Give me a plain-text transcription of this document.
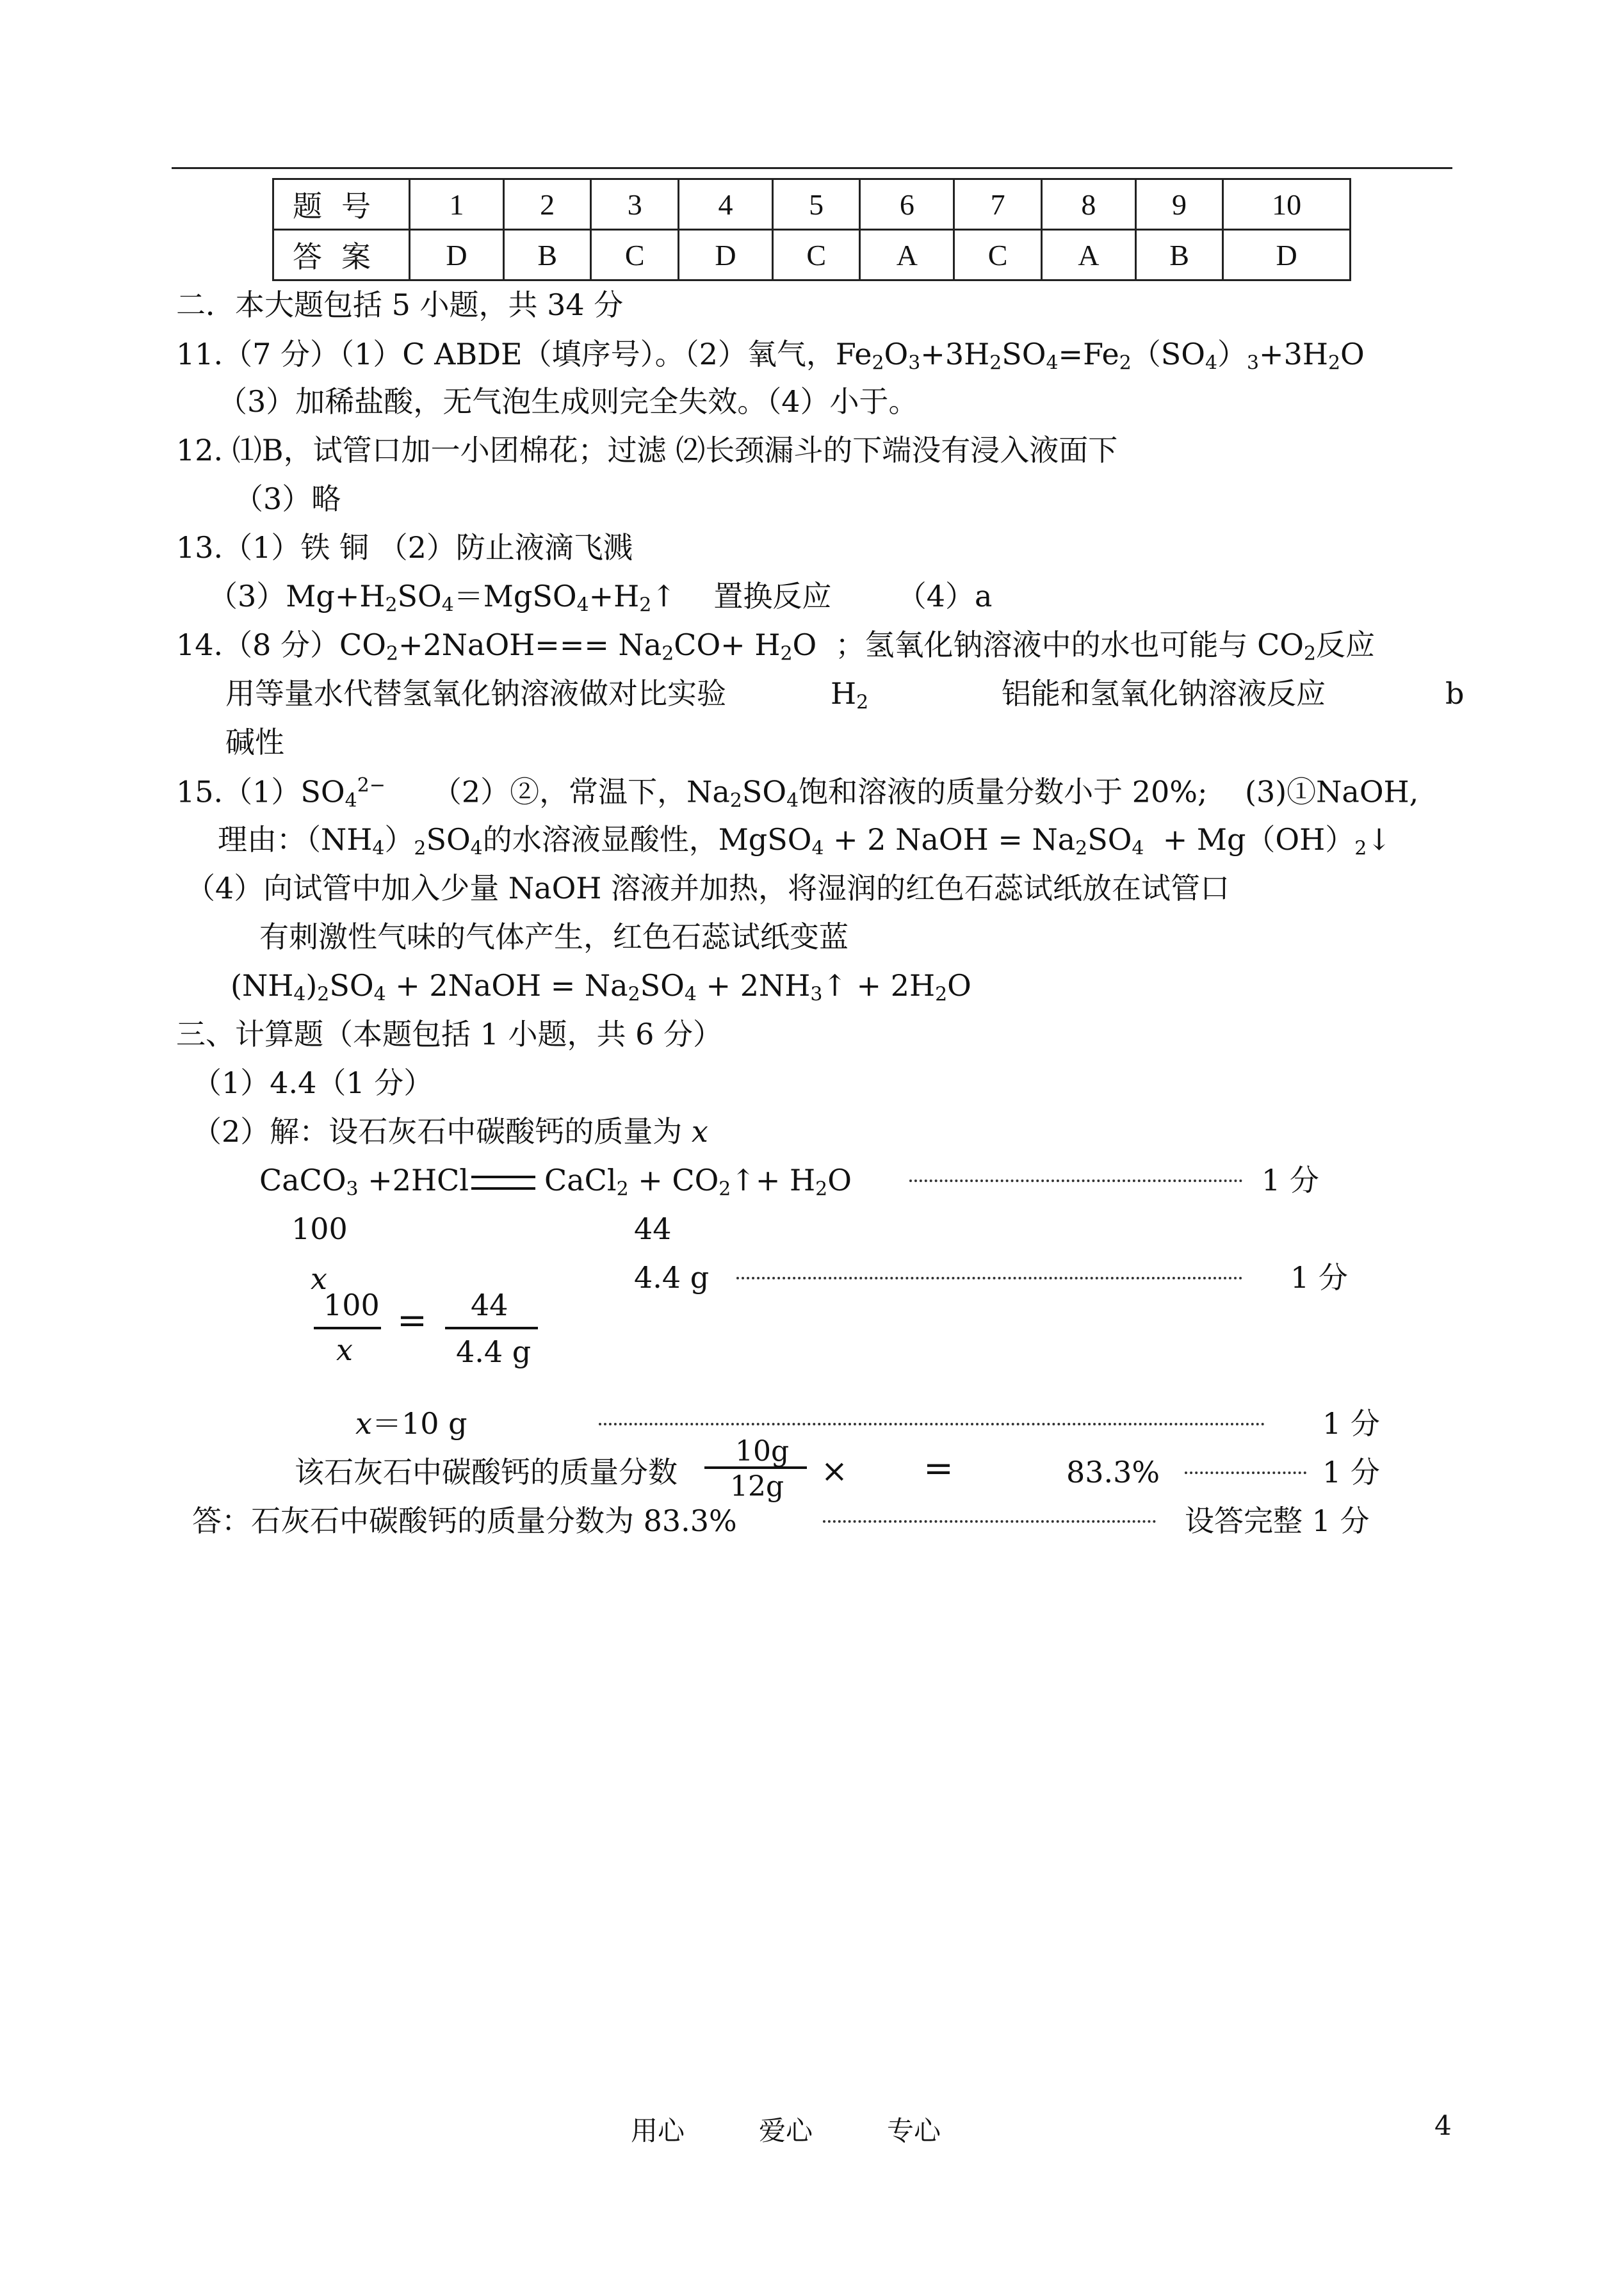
题号	1	2	3	4	5	6	7	8	9	10
答案	D	B	C	D	C	A	C	A	B	D
二．本大题包括 5 小题，共 34 分
11.（7 分）（1）C ABDE（填序号）。（2）氧气，$Fe_2O_3+3H_2SO_4=Fe_2(SO_4)_3+3H_2O$
（3）加稀盐酸，无气泡生成则完全失效。（4）小于。
12. ⑴B，试管口加一小团棉花；过滤 ⑵长颈漏斗的下端没有浸入液面下
（3）略
13.（1）铁 铜 （2）防止液滴飞溅
$(3)Mg+H_2SO_4=MgSO_4+H_2↑$    置换反应 （4）a
14.（8 分）$CO_2+2NaOH=== Na_2CO+ H_2O$  ；氢氧化钠溶液中的水也可能与 $CO_2$反应
用等量水代替氢氧化钠溶液做对比实验	$H_2$	铝能和氢氧化钠溶液反应	b
碱性
$15.(1)SO_4^{2-}$ （2）②，常温下，$Na_2SO_4$饱和溶液的质量分数小于 20%; (3)①NaOH,
理由：$(NH_4)_2SO_4$的水溶液显酸性，MgSO$_4$ + 2 NaOH = $Na_2SO_4$  + $Mg(OH)_2↓$
（4）向试管中加入少量 NaOH 溶液并加热，将湿润的红色石蕊试纸放在试管口
有刺激性气味的气体产生，红色石蕊试纸变蓝
$(NH_4)_2SO_4$ + 2NaOH = $Na_2SO_4$ + $2NH_3↑ + 2H_2O$
三、计算题（本题包括 1 小题，共 6 分）
（1）4.4（1 分）
（2）解：设石灰石中碳酸钙的质量为 x
CaCO$_3$ +2HCl	CaCl$_2$ + $CO_2↑+ H_2O$	1 分
100	44
x	4.4 g	1 分
100
x
= 44
4.4 g
x＝10 g	1 分
该石灰石中碳酸钙的质量分数
10g
12g × =	83.3%	1 分
答：石灰石中碳酸钙的质量分数为 83.3%	设答完整 1 分
用心	爱心	专心	4
